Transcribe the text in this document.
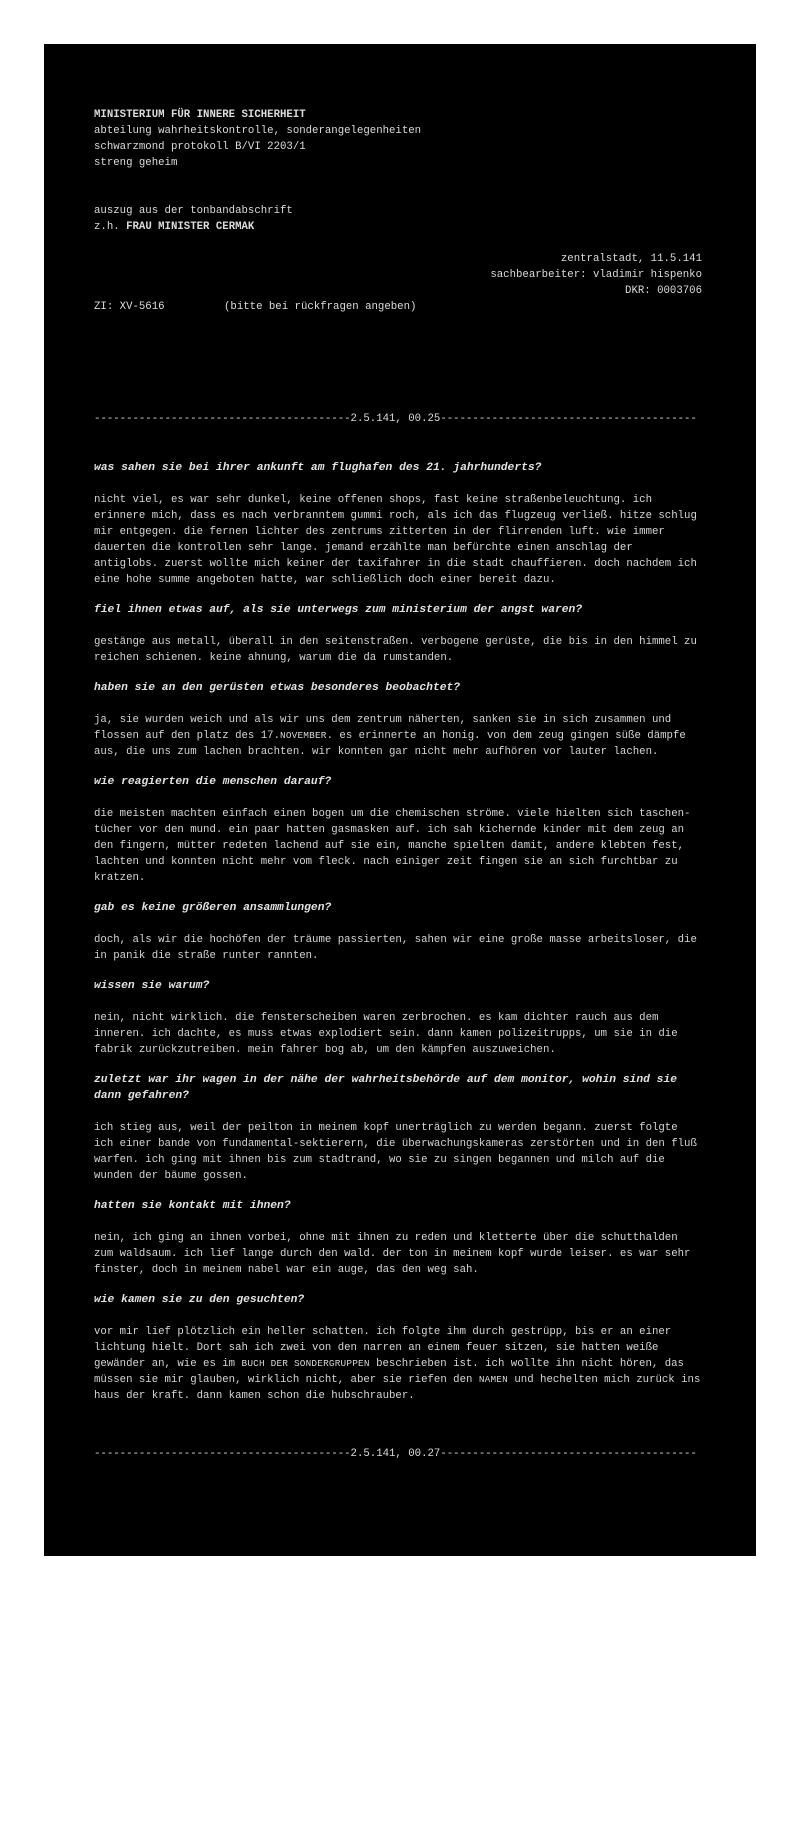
MINISTERIUM FÜR INNERE SICHERHEIT
abteilung wahrheitskontrolle, sonderangelegenheiten
schwarzmond protokoll B/VI 2203/1
streng geheim
auszug aus der tonbandabschrift
z.h. FRAU MINISTER CERMAK
zentralstadt, 11.5.141
sachbearbeiter: vladimir hispenko
DKR: 0003706
ZI: XV-5616	(bitte bei rückfragen angeben)
----------------------------------------2.5.141, 00.25----------------------------------------

was sahen sie bei ihrer ankunft am flughafen des 21. jahrhunderts?

nicht viel, es war sehr dunkel, keine offenen shops, fast keine straßenbeleuchtung. ich erinnere mich, dass es nach verbranntem gummi roch, als ich das flugzeug verließ. hitze schlug mir entgegen. die fernen lichter des zentrums zitterten in der flirrenden luft. wie immer dauerten die kontrollen sehr lange. jemand erzählte man befürchte einen anschlag der antiglobs. zuerst wollte mich keiner der taxifahrer in die stadt chauffieren. doch nachdem ich eine hohe summe angeboten hatte, war schließlich doch einer bereit dazu.

fiel ihnen etwas auf, als sie unterwegs zum ministerium der angst waren?

gestänge aus metall, überall in den seitenstraßen. verbogene gerüste, die bis in den himmel zu reichen schienen. keine ahnung, warum die da rumstanden.

haben sie an den gerüsten etwas besonderes beobachtet?

ja, sie wurden weich und als wir uns dem zentrum näherten, sanken sie in sich zusammen und flossen auf den platz des 17.NOVEMBER. es erinnerte an honig. von dem zeug gingen süße dämpfe aus, die uns zum lachen brachten. wir konnten gar nicht mehr aufhören vor lauter lachen.

wie reagierten die menschen darauf?

die meisten machten einfach einen bogen um die chemischen ströme. viele hielten sich taschen-tücher vor den mund. ein paar hatten gasmasken auf. ich sah kichernde kinder mit dem zeug an den fingern, mütter redeten lachend auf sie ein, manche spielten damit, andere klebten fest, lachten und konnten nicht mehr vom fleck. nach einiger zeit fingen sie an sich furchtbar zu kratzen.

gab es keine größeren ansammlungen?

doch, als wir die hochöfen der träume passierten, sahen wir eine große masse arbeitsloser, die in panik die straße runter rannten.

wissen sie warum?

nein, nicht wirklich. die fensterscheiben waren zerbrochen. es kam dichter rauch aus dem inneren. ich dachte, es muss etwas explodiert sein. dann kamen polizeitrupps, um sie in die fabrik zurückzutreiben. mein fahrer bog ab, um den kämpfen auszuweichen.

zuletzt war ihr wagen in der nähe der wahrheitsbehörde auf dem monitor, wohin sind sie dann gefahren?

ich stieg aus, weil der peilton in meinem kopf unerträglich zu werden begann. zuerst folgte ich einer bande von fundamental-sektierern, die überwachungskameras zerstörten und in den fluß warfen. ich ging mit ihnen bis zum stadtrand, wo sie zu singen begannen und milch auf die wunden der bäume gossen.

hatten sie kontakt mit ihnen?

nein, ich ging an ihnen vorbei, ohne mit ihnen zu reden und kletterte über die schutthalden zum waldsaum. ich lief lange durch den wald. der ton in meinem kopf wurde leiser. es war sehr finster, doch in meinem nabel war ein auge, das den weg sah.

wie kamen sie zu den gesuchten?

vor mir lief plötzlich ein heller schatten. ich folgte ihm durch gestrüpp, bis er an einer lichtung hielt. Dort sah ich zwei von den narren an einem feuer sitzen, sie hatten weiße gewänder an, wie es im BUCH DER SONDERGRUPPEN beschrieben ist. ich wollte ihn nicht hören, das müssen sie mir glauben, wirklich nicht, aber sie riefen den NAMEN und hechelten mich zurück ins haus der kraft. dann kamen schon die hubschrauber.

----------------------------------------2.5.141, 00.27----------------------------------------
